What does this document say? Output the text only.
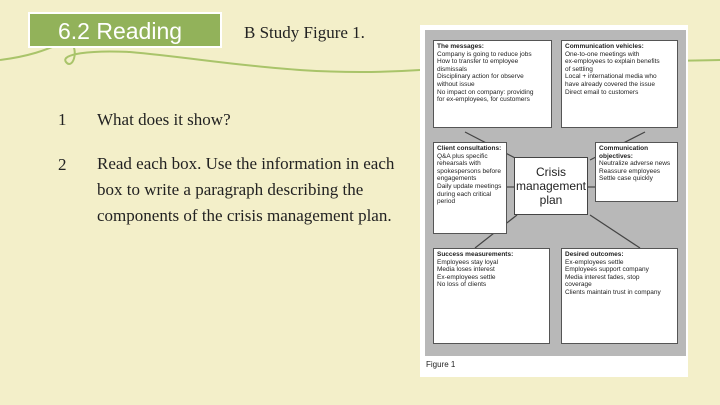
6.2 Reading	B Study Figure 1.
1 What does it show?
2 Read each box. Use the information in each box to write a paragraph describing the components of the crisis management plan.
The messages:
Company is going to reduce jobs
How to transfer to employee
dismissals
Disciplinary action for observe
without issue
No impact on company: providing
for ex-employees, for customers
Communication vehicles:
One-to-one meetings with
ex-employees to explain benefits
of settling
Local + international media who
have already covered the issue
Direct email to customers
Client consultations:
Q&A plus specific
rehearsals with
spokespersons before
engagements
Daily update meetings
during each critical
period
Communication objectives:
Neutralize adverse news
Reassure employees
Settle case quickly
Crisis
management
plan
Success measurements:
Employees stay loyal
Media loses interest
Ex-employees settle
No loss of clients
Desired outcomes:
Ex-employees settle
Employees support company
Media interest fades, stop
coverage
Clients maintain trust in company
Figure 1
